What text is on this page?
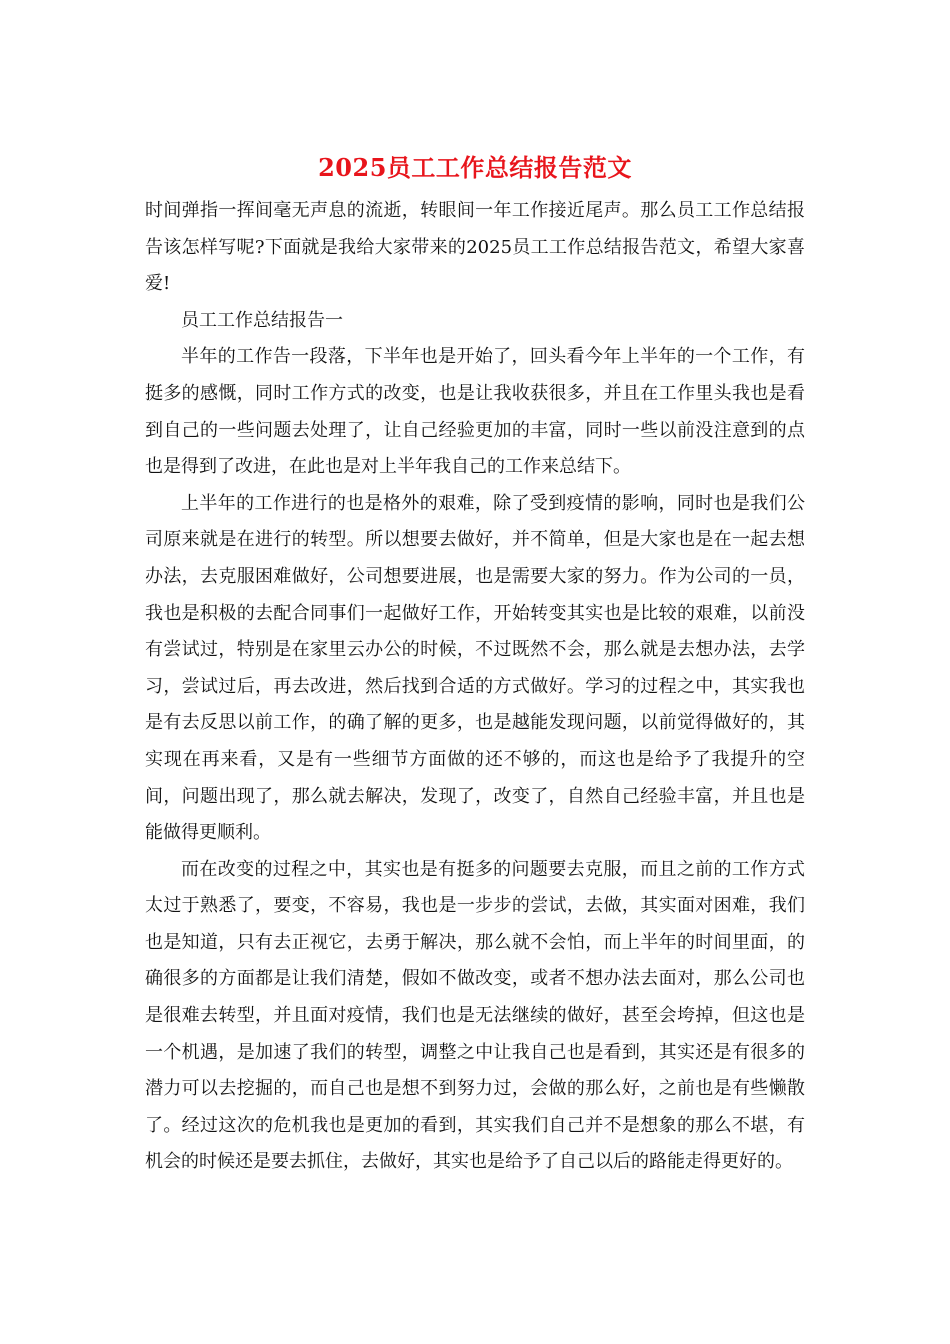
2025员工工作总结报告范文

时间弹指一挥间毫无声息的流逝，转眼间一年工作接近尾声。那么员工工作总结报告该怎样写呢?下面就是我给大家带来的2025员工工作总结报告范文，希望大家喜爱!

员工工作总结报告一

半年的工作告一段落，下半年也是开始了，回头看今年上半年的一个工作，有挺多的感慨，同时工作方式的改变，也是让我收获很多，并且在工作里头我也是看到自己的一些问题去处理了，让自己经验更加的丰富，同时一些以前没注意到的点也是得到了改进，在此也是对上半年我自己的工作来总结下。

上半年的工作进行的也是格外的艰难，除了受到疫情的影响，同时也是我们公司原来就是在进行的转型。所以想要去做好，并不简单，但是大家也是在一起去想办法，去克服困难做好，公司想要进展，也是需要大家的努力。作为公司的一员，我也是积极的去配合同事们一起做好工作，开始转变其实也是比较的艰难，以前没有尝试过，特别是在家里云办公的时候，不过既然不会，那么就是去想办法，去学习，尝试过后，再去改进，然后找到合适的方式做好。学习的过程之中，其实我也是有去反思以前工作，的确了解的更多，也是越能发现问题，以前觉得做好的，其实现在再来看，又是有一些细节方面做的还不够的，而这也是给予了我提升的空间，问题出现了，那么就去解决，发现了，改变了，自然自己经验丰富，并且也是能做得更顺利。

而在改变的过程之中，其实也是有挺多的问题要去克服，而且之前的工作方式太过于熟悉了，要变，不容易，我也是一步步的尝试，去做，其实面对困难，我们也是知道，只有去正视它，去勇于解决，那么就不会怕，而上半年的时间里面，的确很多的方面都是让我们清楚，假如不做改变，或者不想办法去面对，那么公司也是很难去转型，并且面对疫情，我们也是无法继续的做好，甚至会垮掉，但这也是一个机遇，是加速了我们的转型，调整之中让我自己也是看到，其实还是有很多的潜力可以去挖掘的，而自己也是想不到努力过，会做的那么好，之前也是有些懒散了。经过这次的危机我也是更加的看到，其实我们自己并不是想象的那么不堪，有机会的时候还是要去抓住，去做好，其实也是给予了自己以后的路能走得更好的。
